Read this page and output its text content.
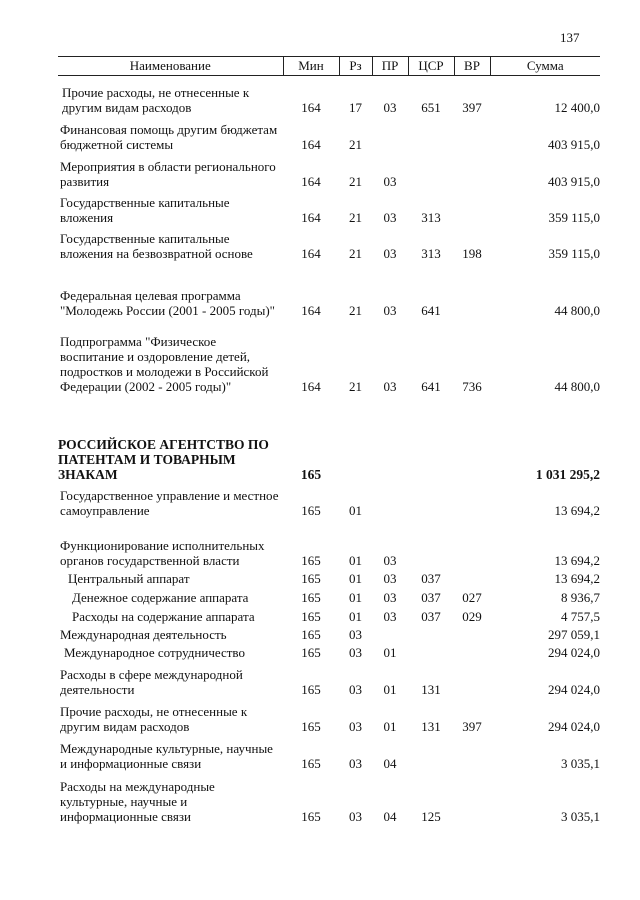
137
Наименование	Мин	Рз	ПР	ЦСР	ВР	Сумма
Прочие расходы, не отнесенные к другим видам расходов	164	17	03	651	397	12 400,0
Финансовая помощь другим бюджетам бюджетной системы	164	21				403 915,0
Мероприятия в области регионального развития	164	21	03			403 915,0
Государственные капитальные вложения	164	21	03	313		359 115,0
Государственные капитальные вложения на безвозвратной основе	164	21	03	313	198	359 115,0
Федеральная целевая программа "Молодежь России (2001 - 2005 годы)"	164	21	03	641		44 800,0
Подпрограмма "Физическое воспитание и оздоровление детей, подростков и молодежи в Российской Федерации (2002 - 2005 годы)"	164	21	03	641	736	44 800,0
РОССИЙСКОЕ АГЕНТСТВО ПО ПАТЕНТАМ И ТОВАРНЫМ ЗНАКАМ	165					1 031 295,2
Государственное управление и местное самоуправление	165	01				13 694,2
Функционирование исполнительных органов государственной власти	165	01	03			13 694,2
Центральный аппарат	165	01	03	037		13 694,2
Денежное содержание аппарата	165	01	03	037	027	8 936,7
Расходы на содержание аппарата	165	01	03	037	029	4 757,5
Международная деятельность	165	03				297 059,1
Международное сотрудничество	165	03	01			294 024,0
Расходы в сфере международной деятельности	165	03	01	131		294 024,0
Прочие расходы, не отнесенные к другим видам расходов	165	03	01	131	397	294 024,0
Международные культурные, научные и информационные связи	165	03	04			3 035,1
Расходы на международные культурные, научные и информационные связи	165	03	04	125		3 035,1
